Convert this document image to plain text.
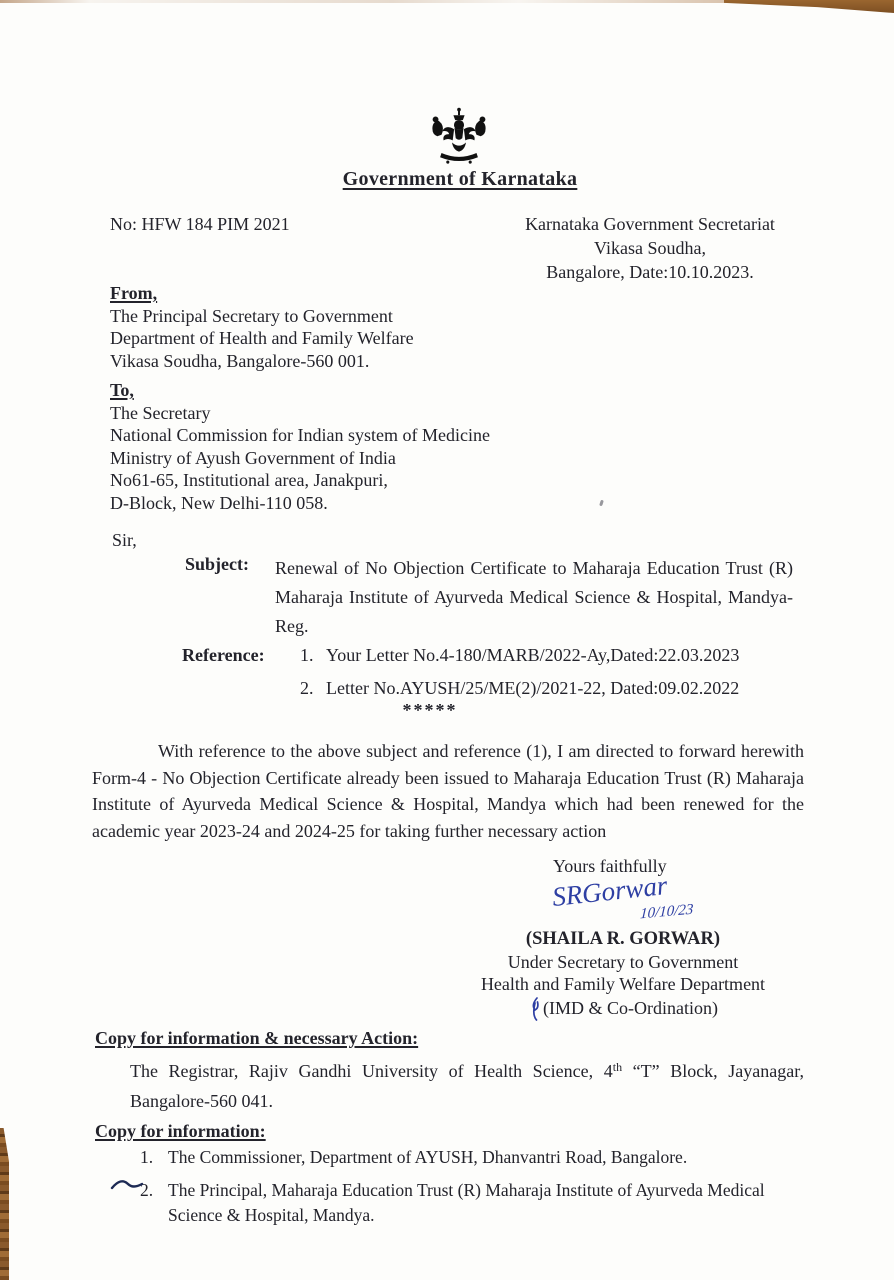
Government of Karnataka
No: HFW 184 PIM 2021	Karnataka Government Secretariat
Vikasa Soudha,
Bangalore, Date:10.10.2023.
From,
The Principal Secretary to Government
Department of Health and Family Welfare
Vikasa Soudha, Bangalore-560 001.
To,
The Secretary
National Commission for Indian system of Medicine
Ministry of Ayush Government of India
No61-65, Institutional area, Janakpuri,
D-Block, New Delhi-110 058.
Sir,
Subject: Renewal of No Objection Certificate to Maharaja Education Trust (R) Maharaja Institute of Ayurveda Medical Science & Hospital, Mandya-Reg.
Reference: 1. Your Letter No.4-180/MARB/2022-Ay,Dated:22.03.2023
2. Letter No.AYUSH/25/ME(2)/2021-22, Dated:09.02.2022
*****
With reference to the above subject and reference (1), I am directed to forward herewith Form-4 - No Objection Certificate already been issued to Maharaja Education Trust (R) Maharaja Institute of Ayurveda Medical Science & Hospital, Mandya which had been renewed for the academic year 2023-24 and 2024-25 for taking further necessary action
Yours faithfully
SRGorwar
10/10/23
(SHAILA R. GORWAR)
Under Secretary to Government
Health and Family Welfare Department
(IMD & Co-Ordination)
Copy for information & necessary Action:
The Registrar, Rajiv Gandhi University of Health Science, 4th “T” Block, Jayanagar, Bangalore-560 041.
Copy for information:
1. The Commissioner, Department of AYUSH, Dhanvantri Road, Bangalore.
2. The Principal, Maharaja Education Trust (R) Maharaja Institute of Ayurveda Medical Science & Hospital, Mandya.
